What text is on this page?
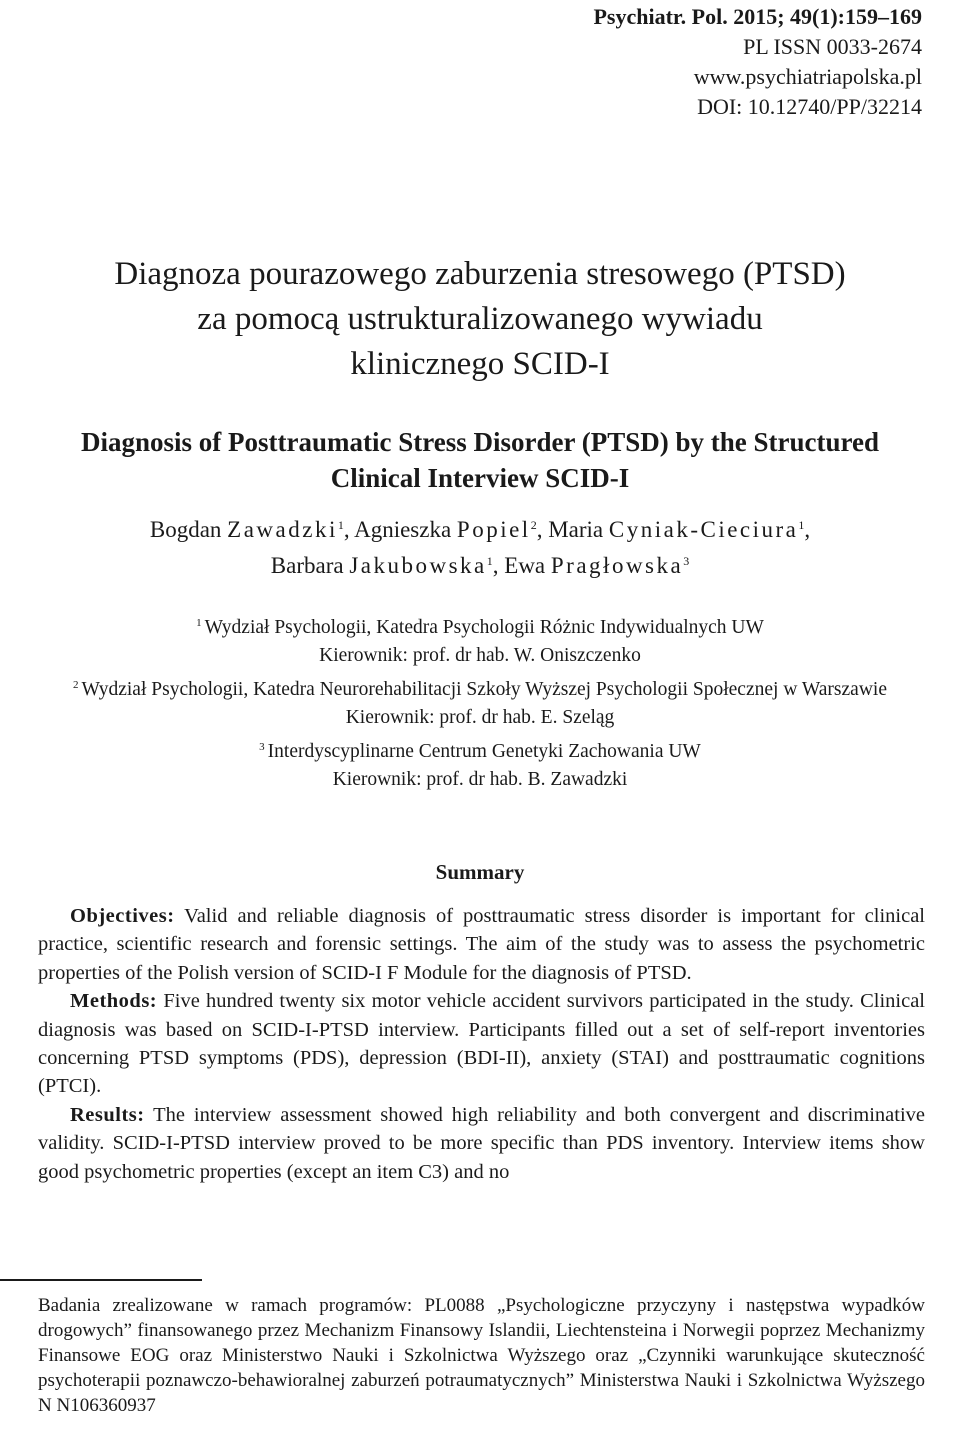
Psychiatr. Pol. 2015; 49(1):159–169
PL ISSN 0033-2674
www.psychiatriapolska.pl
DOI: 10.12740/PP/32214
Diagnoza pourazowego zaburzenia stresowego (PTSD)
za pomocą ustrukturalizowanego wywiadu
klinicznego SCID-I
Diagnosis of Posttraumatic Stress Disorder (PTSD) by the Structured
Clinical Interview SCID-I
Bogdan Zawadzki$^1$, Agnieszka Popiel$^2$, Maria Cyniak-Cieciura$^1$,
Barbara Jakubowska$^1$, Ewa Pragłowska$^3$
$^1$ Wydział Psychologii, Katedra Psychologii Różnic Indywidualnych UW
Kierownik: prof. dr hab. W. Oniszczenko
$^2$ Wydział Psychologii, Katedra Neurorehabilitacji Szkoły Wyższej Psychologii Społecznej w Warszawie
Kierownik: prof. dr hab. E. Szeląg
$^3$ Interdyscyplinarne Centrum Genetyki Zachowania UW
Kierownik: prof. dr hab. B. Zawadzki
Summary

Objectives: Valid and reliable diagnosis of posttraumatic stress disorder is important for clinical practice, scientific research and forensic settings. The aim of the study was to assess the psychometric properties of the Polish version of SCID-I F Module for the diagnosis of PTSD.

Methods: Five hundred twenty six motor vehicle accident survivors participated in the study. Clinical diagnosis was based on SCID-I-PTSD interview. Participants filled out a set of self-report inventories concerning PTSD symptoms (PDS), depression (BDI-II), anxiety (STAI) and posttraumatic cognitions (PTCI).

Results: The interview assessment showed high reliability and both convergent and discriminative validity. SCID-I-PTSD interview proved to be more specific than PDS inventory. Interview items show good psychometric properties (except an item C3) and no

Badania zrealizowane w ramach programów: PL0088 „Psychologiczne przyczyny i następstwa wypadków drogowych” finansowanego przez Mechanizm Finansowy Islandii, Liechtensteina i Norwegii poprzez Mechanizmy Finansowe EOG oraz Ministerstwo Nauki i Szkolnictwa Wyższego oraz „Czynniki warunkujące skuteczność psychoterapii poznawczo-behawioralnej zaburzeń potraumatycznych” Ministerstwa Nauki i Szkolnictwa Wyższego N N106360937
